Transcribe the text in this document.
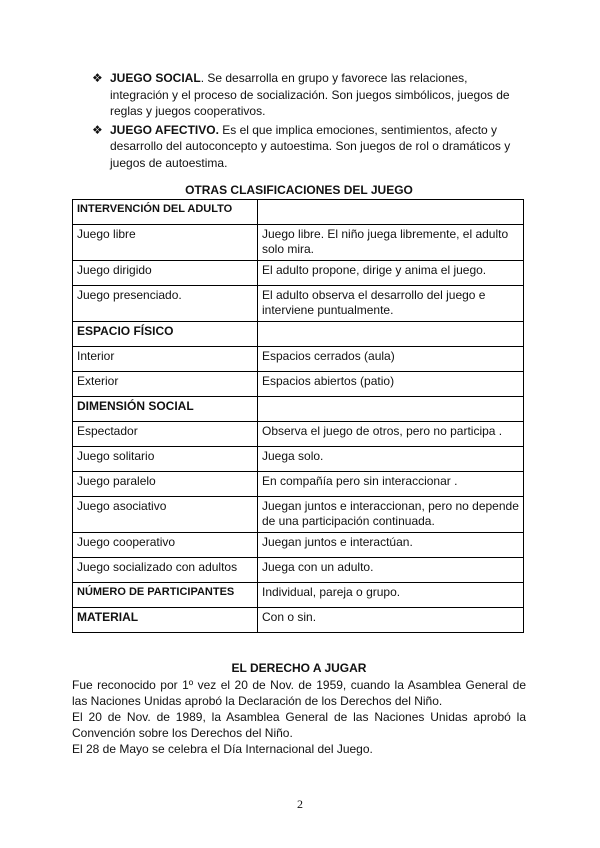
❖ JUEGO SOCIAL. Se desarrolla en grupo y favorece las relaciones, integración y el proceso de socialización. Son juegos simbólicos, juegos de reglas y juegos cooperativos.
❖ JUEGO AFECTIVO. Es el que implica emociones, sentimientos, afecto y desarrollo del autoconcepto y autoestima. Son juegos de rol o dramáticos y juegos de autoestima.
OTRAS CLASIFICACIONES DEL JUEGO
INTERVENCIÓN DEL ADULTO	
Juego libre	Juego libre. El niño juega libremente, el adulto solo mira.
Juego dirigido	El adulto propone, dirige y anima el juego.
Juego presenciado.	El adulto observa el desarrollo del juego e interviene puntualmente.
ESPACIO FÍSICO	
Interior	Espacios cerrados (aula)
Exterior	Espacios abiertos (patio)
DIMENSIÓN SOCIAL	
Espectador	Observa el juego de otros, pero no participa .
Juego solitario	Juega solo.
Juego paralelo	En compañía pero sin interaccionar .
Juego asociativo	Juegan juntos e interaccionan, pero no depende de una participación continuada.
Juego cooperativo	Juegan juntos e interactúan.
Juego socializado con adultos	Juega con un adulto.
NÚMERO DE PARTICIPANTES	Individual, pareja o grupo.
MATERIAL	Con o sin.
EL DERECHO A JUGAR

Fue reconocido por 1º vez el 20 de Nov. de 1959, cuando la Asamblea General de las Naciones Unidas aprobó la Declaración de los Derechos del Niño.

El 20 de Nov. de 1989, la Asamblea General de las Naciones Unidas aprobó la Convención sobre los Derechos del Niño.

El 28 de Mayo se celebra el Día Internacional del Juego.

2
